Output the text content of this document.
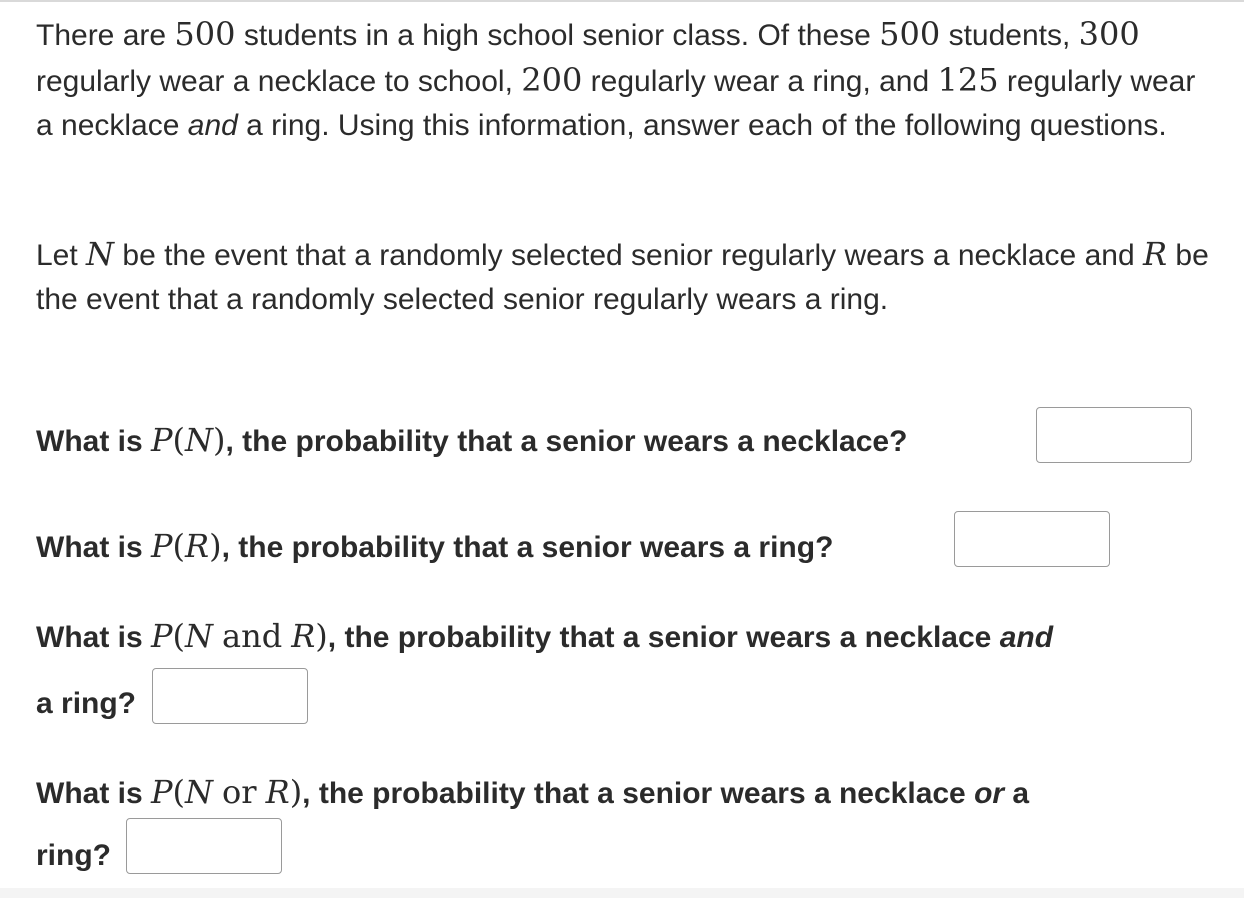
There are 500 students in a high school senior class. Of these 500 students, 300 regularly wear a necklace to school, 200 regularly wear a ring, and 125 regularly wear a necklace and a ring. Using this information, answer each of the following questions.

Let N be the event that a randomly selected senior regularly wears a necklace and R be the event that a randomly selected senior regularly wears a ring.

What is P(N), the probability that a senior wears a necklace?
What is P(R), the probability that a senior wears a ring?
What is P(N and R), the probability that a senior wears a necklace and
a ring?
What is P(N or R), the probability that a senior wears a necklace or a
ring?
